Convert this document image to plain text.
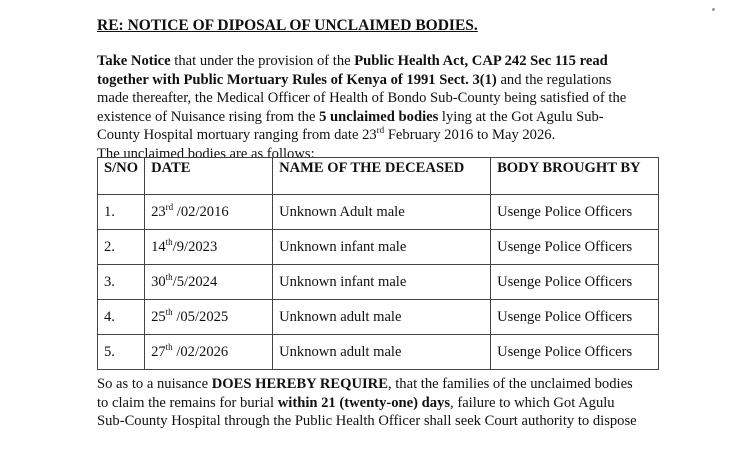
RE: NOTICE OF DIPOSAL OF UNCLAIMED BODIES.
Take Notice that under the provision of the Public Health Act, CAP 242 Sec 115 read
together with Public Mortuary Rules of Kenya of 1991 Sect. 3(1) and the regulations
made thereafter, the Medical Officer of Health of Bondo Sub-County being satisfied of the
existence of Nuisance rising from the 5 unclaimed bodies lying at the Got Agulu Sub-
County Hospital mortuary ranging from date 23rd February 2016 to May 2026.
The unclaimed bodies are as follows:
S/NO	DATE	NAME OF THE DECEASED	BODY BROUGHT BY
1.	23rd /02/2016	Unknown Adult male	Usenge Police Officers
2.	14th/9/2023	Unknown infant male	Usenge Police Officers
3.	30th/5/2024	Unknown infant male	Usenge Police Officers
4.	25th /05/2025	Unknown adult male	Usenge Police Officers
5.	27th /02/2026	Unknown adult male	Usenge Police Officers
So as to a nuisance DOES HEREBY REQUIRE, that the families of the unclaimed bodies
to claim the remains for burial within 21 (twenty-one) days, failure to which Got Agulu
Sub-County Hospital through the Public Health Officer shall seek Court authority to dispose
